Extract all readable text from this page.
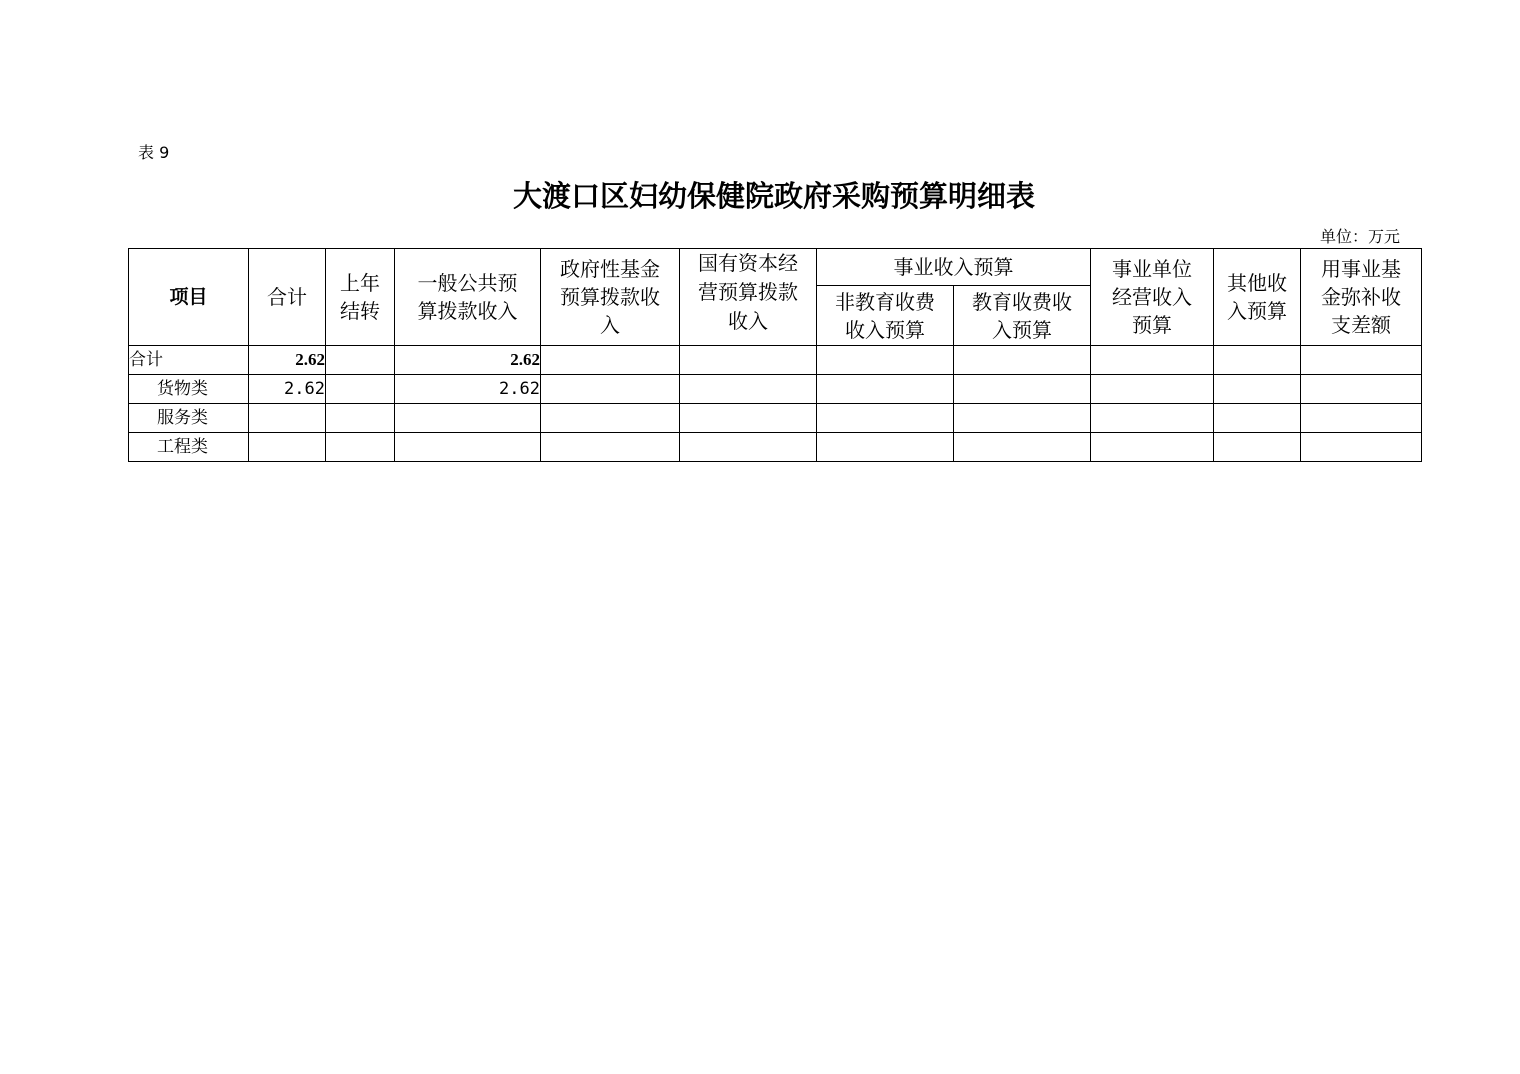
表 9
大渡口区妇幼保健院政府采购预算明细表
单位：万元
项目	合计	上年结转	一般公共预算拨款收入	政府性基金预算拨款收入	国有资本经营预算拨款收入	事业收入预算		事业单位经营收入预算	其他收入预算	用事业基金弥补收支差额
						非教育收费收入预算	教育收费收入预算			
合计	2.62		2.62							
货物类	2.62		2.62							
服务类										
工程类										
